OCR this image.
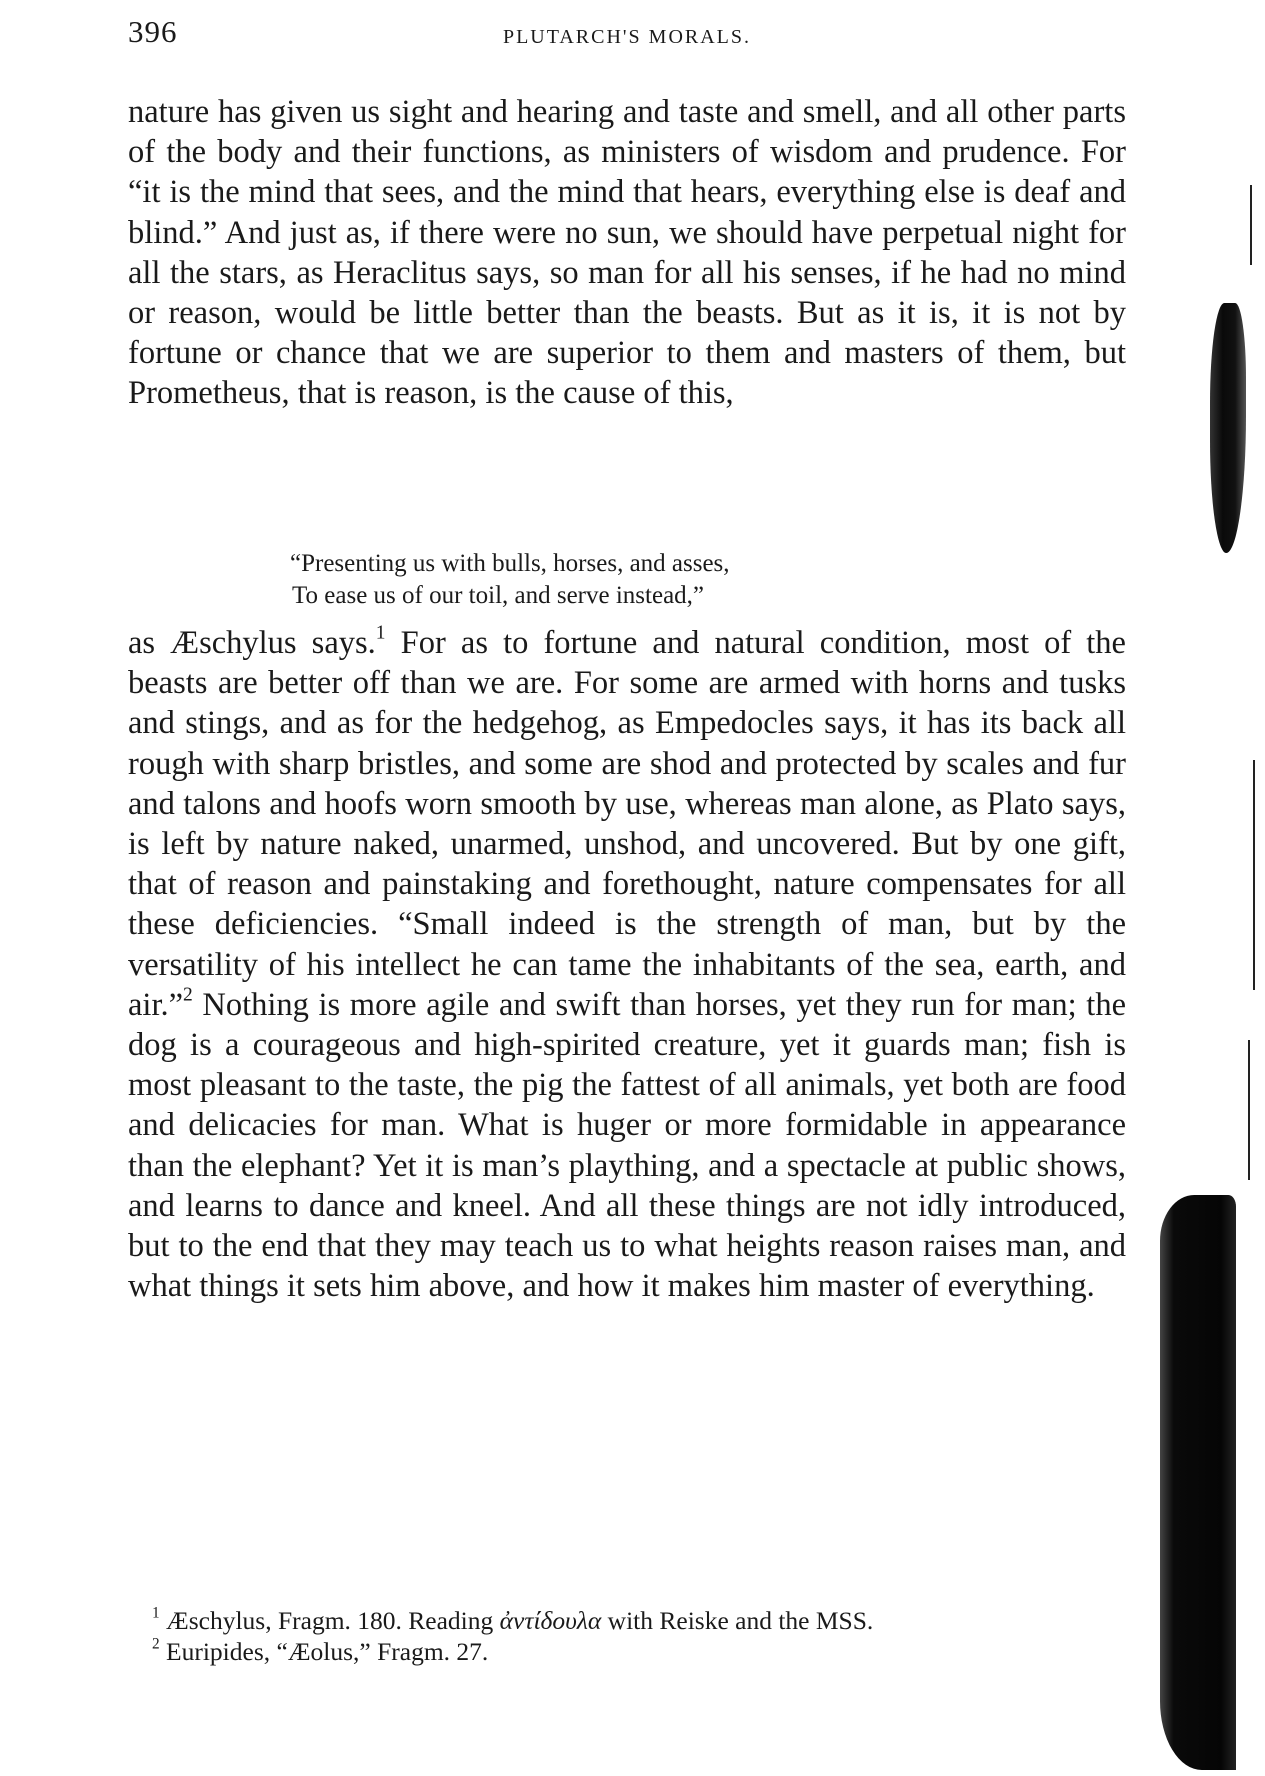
396	PLUTARCH'S MORALS.

nature has given us sight and hearing and taste and smell, and all other parts of the body and their functions, as ministers of wisdom and prudence. For “it is the mind that sees, and the mind that hears, everything else is deaf and blind.” And just as, if there were no sun, we should have perpetual night for all the stars, as Heraclitus says, so man for all his senses, if he had no mind or reason, would be little better than the beasts. But as it is, it is not by fortune or chance that we are superior to them and masters of them, but Prometheus, that is reason, is the cause of this,

“Presenting us with bulls, horses, and asses,
To ease us of our toil, and serve instead,”

as Æschylus says.$^1$ For as to fortune and natural condition, most of the beasts are better off than we are. For some are armed with horns and tusks and stings, and as for the hedgehog, as Empedocles says, it has its back all rough with sharp bristles, and some are shod and protected by scales and fur and talons and hoofs worn smooth by use, whereas man alone, as Plato says, is left by nature naked, unarmed, unshod, and uncovered. But by one gift, that of reason and painstaking and forethought, nature compensates for all these deficiencies. “Small indeed is the strength of man, but by the versatility of his intellect he can tame the inhabitants of the sea, earth, and air.”$^2$ Nothing is more agile and swift than horses, yet they run for man; the dog is a courageous and high-spirited creature, yet it guards man; fish is most pleasant to the taste, the pig the fattest of all animals, yet both are food and delicacies for man. What is huger or more formidable in appearance than the elephant? Yet it is man’s plaything, and a spectacle at public shows, and learns to dance and kneel. And all these things are not idly introduced, but to the end that they may teach us to what heights reason raises man, and what things it sets him above, and how it makes him master of everything.

$^1$ Æschylus, Fragm. 180. Reading ἀντίδουλα with Reiske and the MSS.
$^2$ Euripides, “Æolus,” Fragm. 27.
